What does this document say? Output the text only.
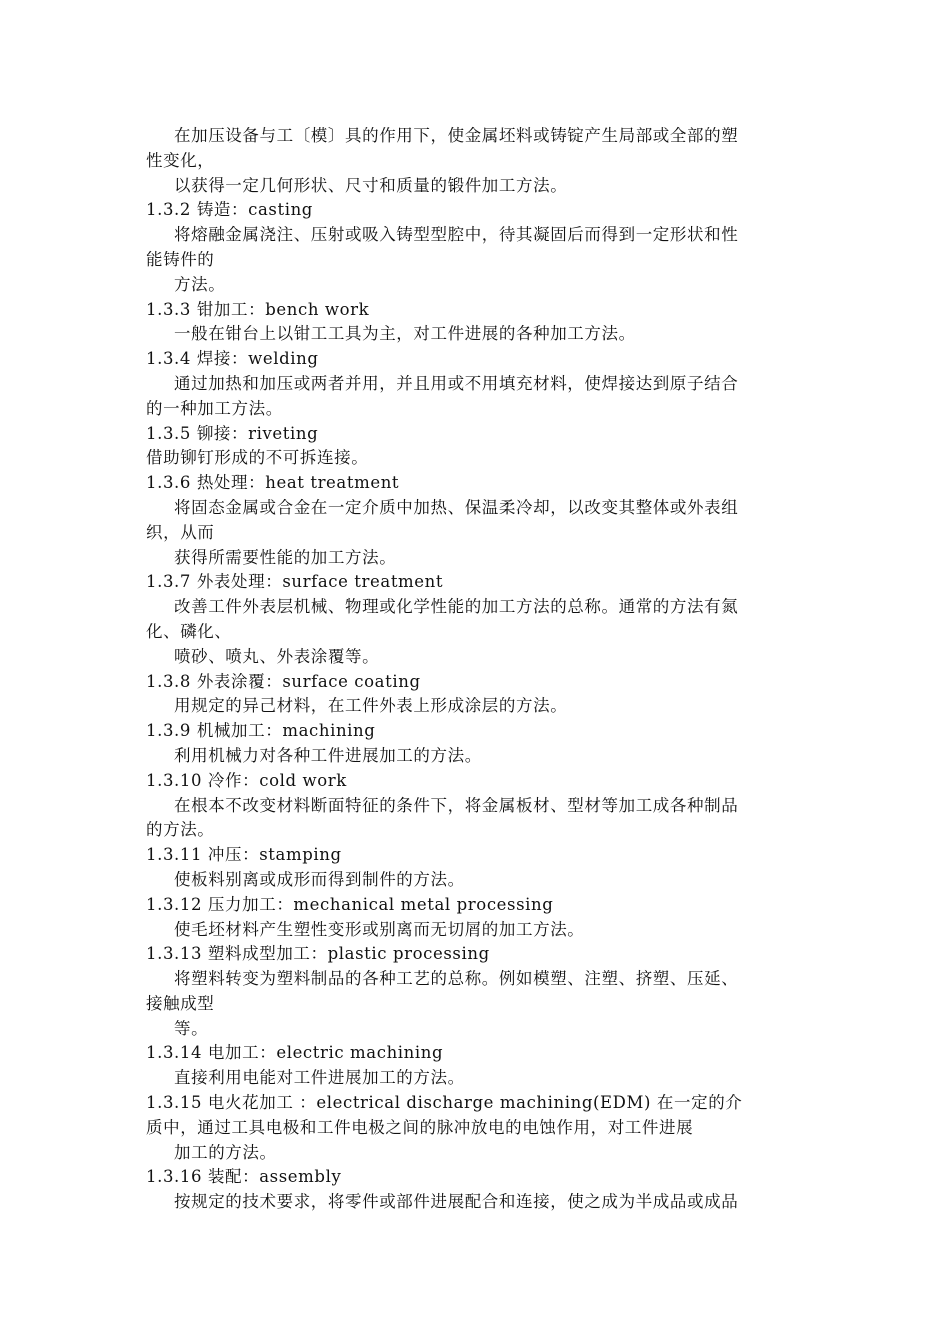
在加压设备与工〔模〕具的作用下，使金属坯料或铸锭产生局部或全部的塑
性变化，
以获得一定几何形状、尺寸和质量的锻件加工方法。
1.3.2 铸造：casting
将熔融金属浇注、压射或吸入铸型型腔中，待其凝固后而得到一定形状和性
能铸件的
方法。
1.3.3 钳加工：bench work
一般在钳台上以钳工工具为主，对工件进展的各种加工方法。
1.3.4 焊接：welding
通过加热和加压或两者并用，并且用或不用填充材料，使焊接达到原子结合
的一种加工方法。
1.3.5 铆接：riveting
借助铆钉形成的不可拆连接。
1.3.6 热处理：heat treatment
将固态金属或合金在一定介质中加热、保温柔冷却，以改变其整体或外表组
织，从而
获得所需要性能的加工方法。
1.3.7 外表处理：surface treatment
改善工件外表层机械、物理或化学性能的加工方法的总称。通常的方法有氮
化、磷化、
喷砂、喷丸、外表涂覆等。
1.3.8 外表涂覆：surface coating
用规定的异己材料，在工件外表上形成涂层的方法。
1.3.9 机械加工：machining
利用机械力对各种工件进展加工的方法。
1.3.10 冷作：cold work
在根本不改变材料断面特征的条件下，将金属板材、型材等加工成各种制品
的方法。
1.3.11 冲压：stamping
使板料别离或成形而得到制件的方法。
1.3.12 压力加工：mechanical metal processing
使毛坯材料产生塑性变形或别离而无切屑的加工方法。
1.3.13 塑料成型加工：plastic processing
将塑料转变为塑料制品的各种工艺的总称。例如模塑、注塑、挤塑、压延、
接触成型
等。
1.3.14 电加工：electric machining
直接利用电能对工件进展加工的方法。
1.3.15 电火花加工 ：electrical discharge machining(EDM) 在一定的介
质中，通过工具电极和工件电极之间的脉冲放电的电蚀作用，对工件进展
加工的方法。
1.3.16 装配：assembly
按规定的技术要求，将零件或部件进展配合和连接，使之成为半成品或成品
